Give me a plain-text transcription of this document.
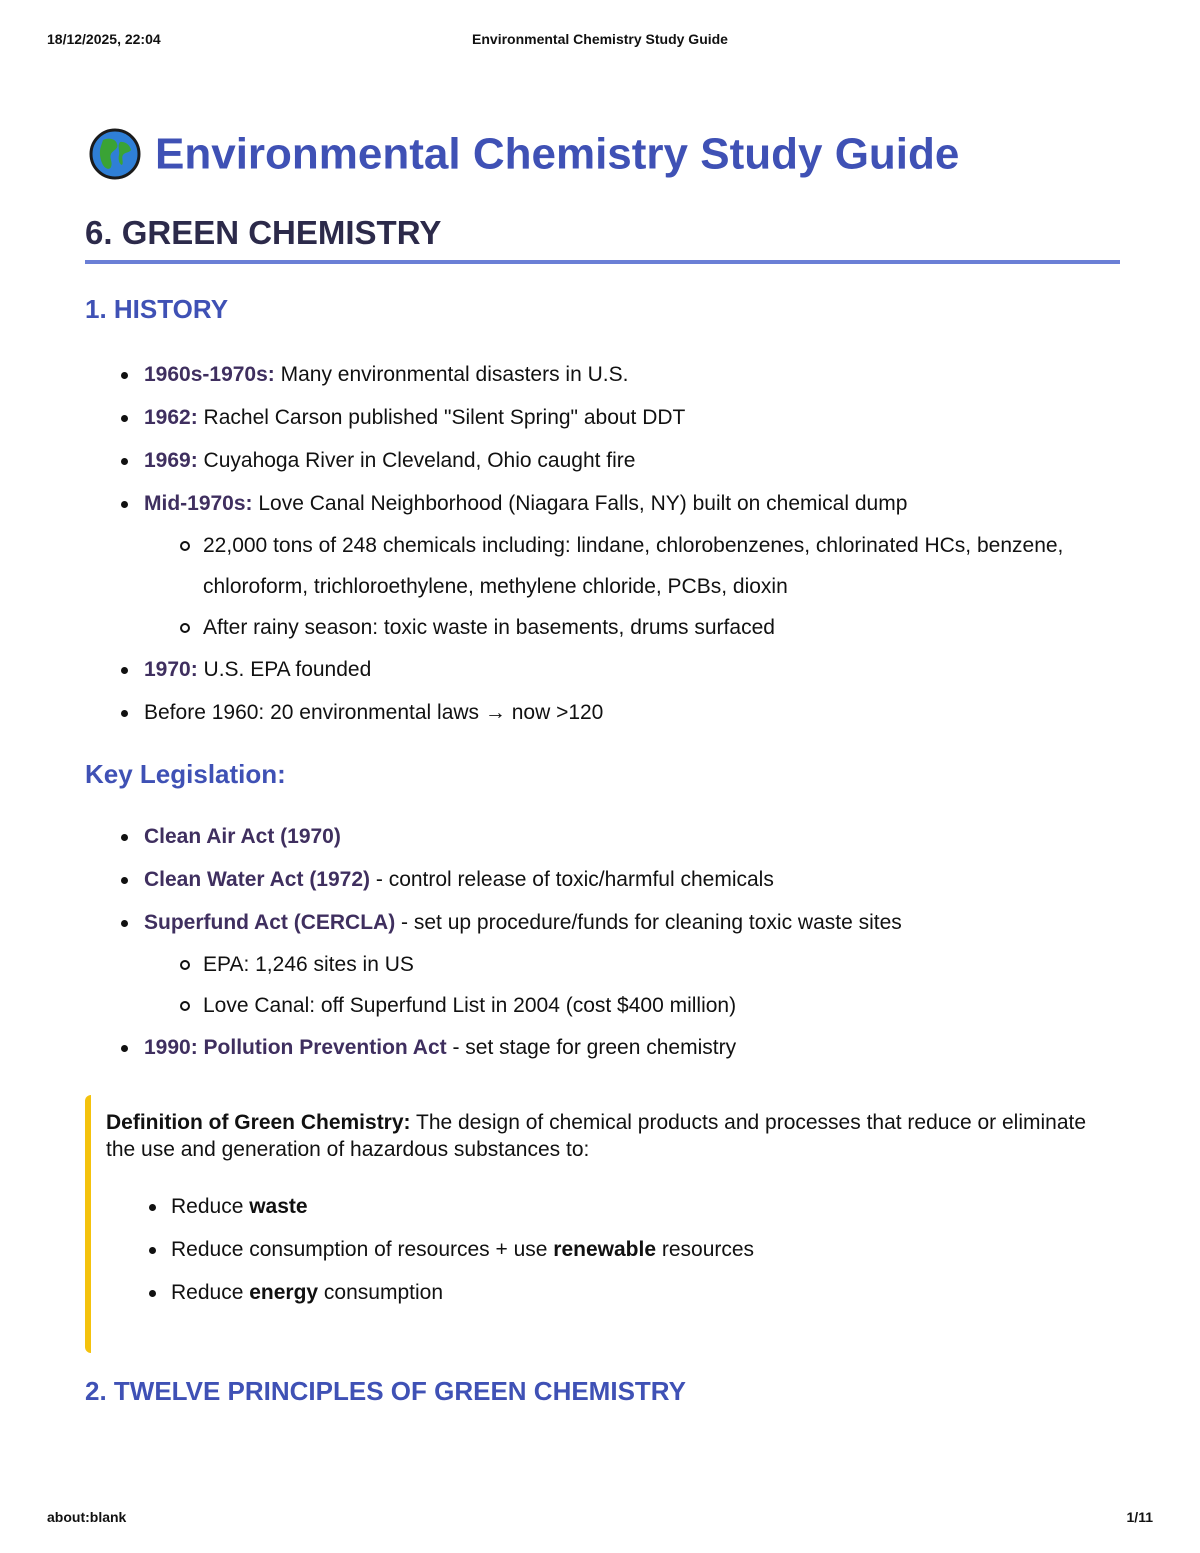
18/12/2025, 22:04	Environmental Chemistry Study Guide
Environmental Chemistry Study Guide
6. GREEN CHEMISTRY
1. HISTORY
1960s-1970s: Many environmental disasters in U.S.
1962: Rachel Carson published "Silent Spring" about DDT
1969: Cuyahoga River in Cleveland, Ohio caught fire
Mid-1970s: Love Canal Neighborhood (Niagara Falls, NY) built on chemical dump
22,000 tons of 248 chemicals including: lindane, chlorobenzenes, chlorinated HCs, benzene, chloroform, trichloroethylene, methylene chloride, PCBs, dioxin
After rainy season: toxic waste in basements, drums surfaced
1970: U.S. EPA founded
Before 1960: 20 environmental laws → now >120
Key Legislation:
Clean Air Act (1970)
Clean Water Act (1972) - control release of toxic/harmful chemicals
Superfund Act (CERCLA) - set up procedure/funds for cleaning toxic waste sites
EPA: 1,246 sites in US
Love Canal: off Superfund List in 2004 (cost $400 million)
1990: Pollution Prevention Act - set stage for green chemistry

Definition of Green Chemistry: The design of chemical products and processes that reduce or eliminate the use and generation of hazardous substances to:

Reduce waste
Reduce consumption of resources + use renewable resources
Reduce energy consumption
2. TWELVE PRINCIPLES OF GREEN CHEMISTRY
about:blank	1/11
